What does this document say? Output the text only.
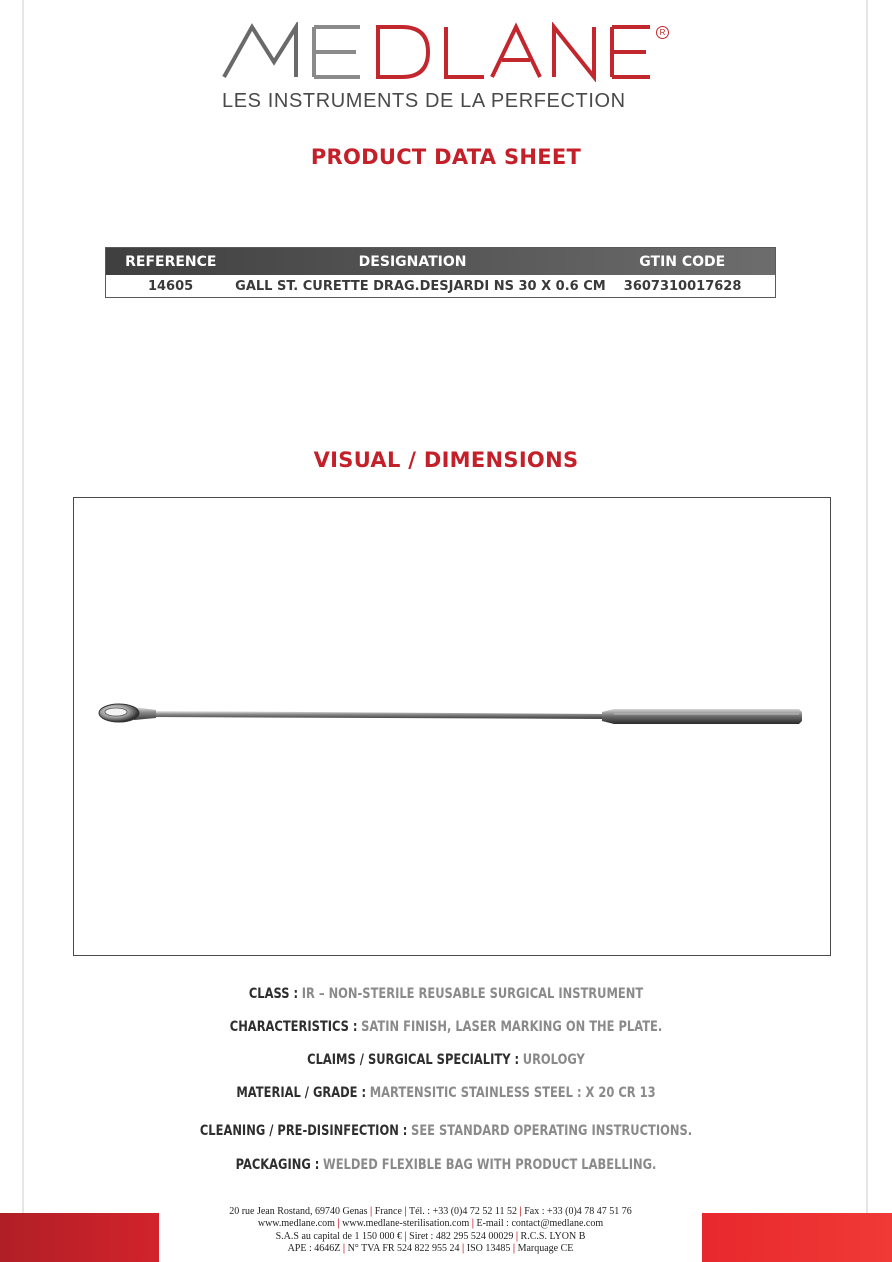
R
LES INSTRUMENTS DE LA PERFECTION
PRODUCT DATA SHEET
REFERENCE	DESIGNATION	GTIN CODE
14605	GALL ST. CURETTE DRAG.DESJARDI NS 30 X 0.6 CM	3607310017628
VISUAL / DIMENSIONS
CLASS : IR – NON-STERILE REUSABLE SURGICAL INSTRUMENT
CHARACTERISTICS : SATIN FINISH, LASER MARKING ON THE PLATE.
CLAIMS / SURGICAL SPECIALITY : UROLOGY
MATERIAL / GRADE : MARTENSITIC STAINLESS STEEL : X 20 CR 13
CLEANING / PRE-DISINFECTION : SEE STANDARD OPERATING INSTRUCTIONS.
PACKAGING : WELDED FLEXIBLE BAG WITH PRODUCT LABELLING.
20 rue Jean Rostand, 69740 Genas | France | Tél. : +33 (0)4 72 52 11 52 | Fax : +33 (0)4 78 47 51 76
www.medlane.com | www.medlane-sterilisation.com | E-mail : contact@medlane.com
S.A.S au capital de 1 150 000 € | Siret : 482 295 524 00029 | R.C.S. LYON B
APE : 4646Z | N° TVA FR 524 822 955 24 | ISO 13485 | Marquage CE
